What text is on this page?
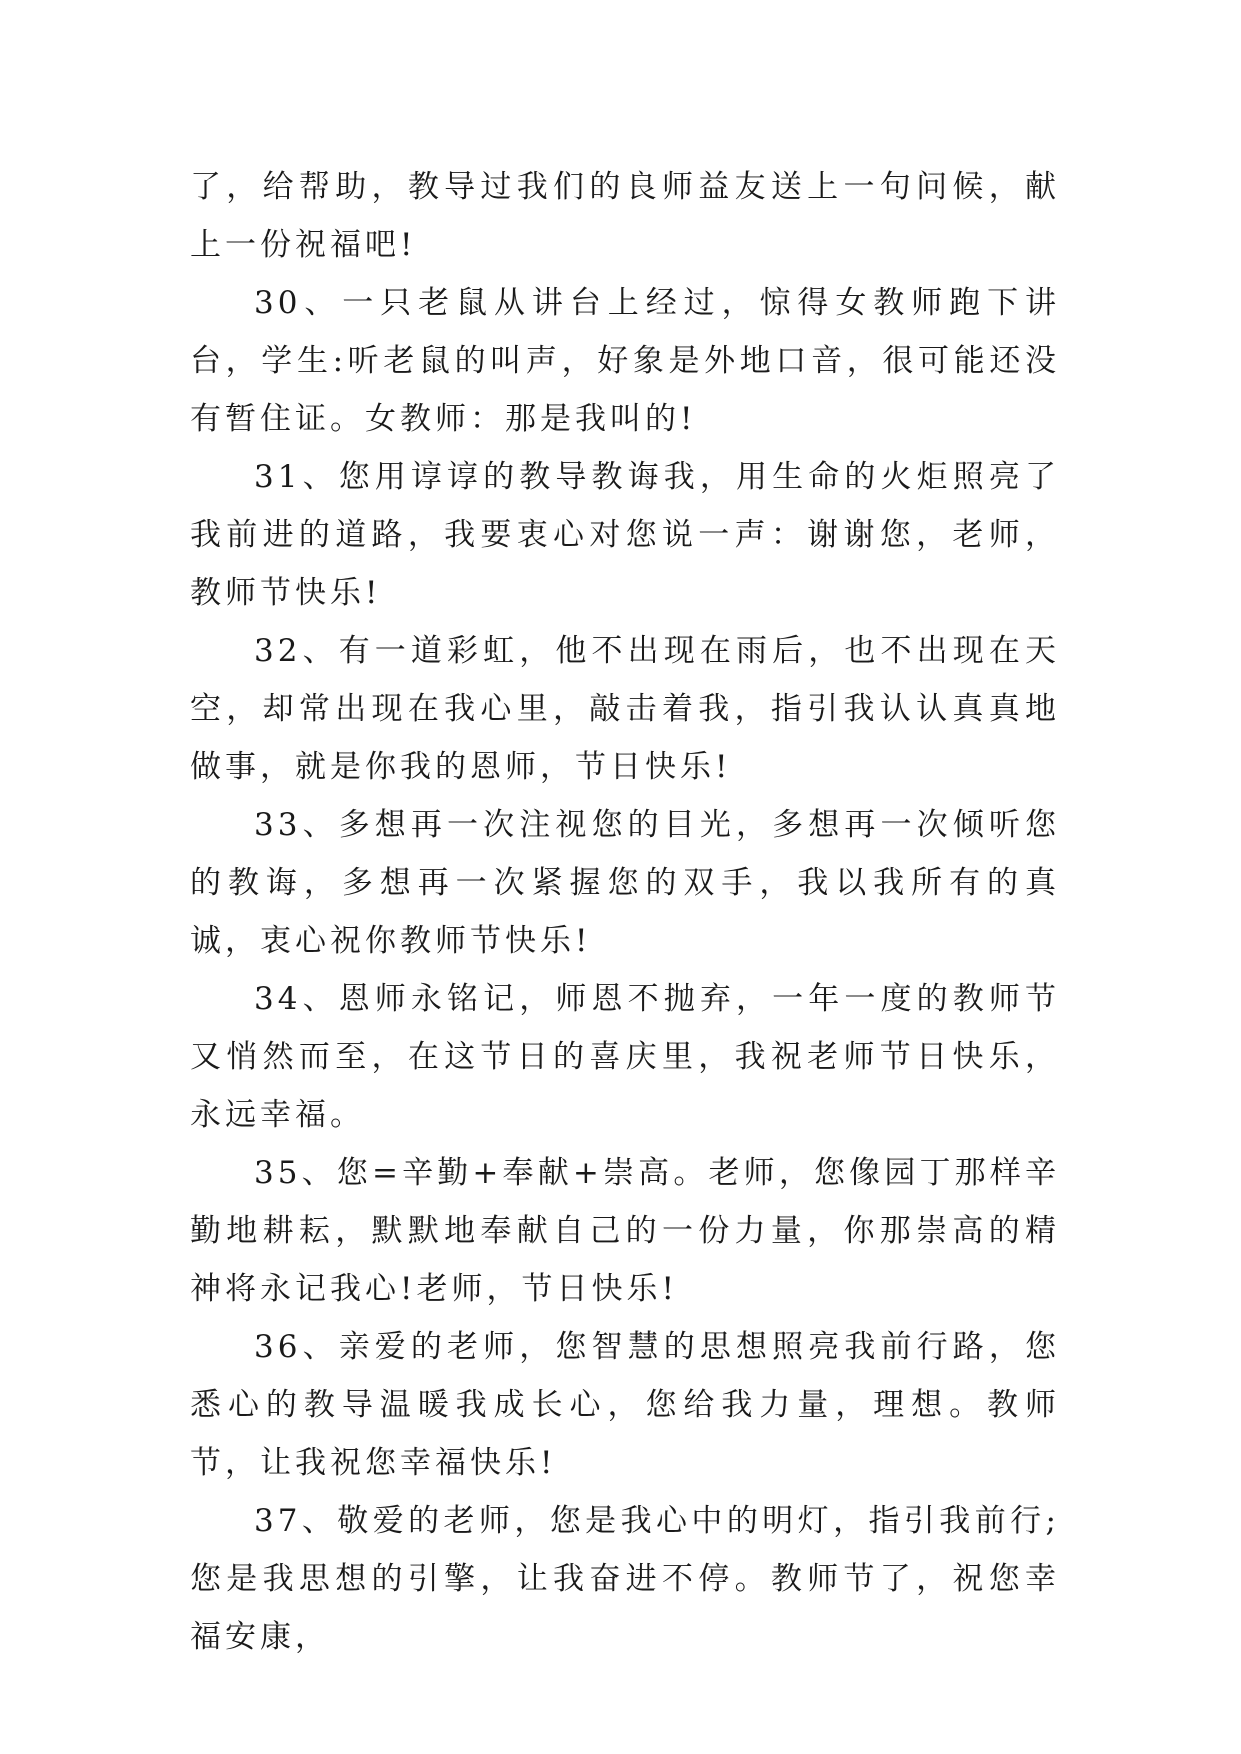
了，给帮助，教导过我们的良师益友送上一句问候，献上一份祝福吧!

30、一只老鼠从讲台上经过，惊得女教师跑下讲台，学生:听老鼠的叫声，好象是外地口音，很可能还没有暂住证。女教师：那是我叫的!

31、您用谆谆的教导教诲我，用生命的火炬照亮了我前进的道路，我要衷心对您说一声：谢谢您，老师，教师节快乐!

32、有一道彩虹，他不出现在雨后，也不出现在天空，却常出现在我心里，敲击着我，指引我认认真真地做事，就是你我的恩师，节日快乐!

33、多想再一次注视您的目光，多想再一次倾听您的教诲，多想再一次紧握您的双手，我以我所有的真诚，衷心祝你教师节快乐!

34、恩师永铭记，师恩不抛弃，一年一度的教师节又悄然而至，在这节日的喜庆里，我祝老师节日快乐，永远幸福。

35、您=辛勤+奉献+崇高。老师，您像园丁那样辛勤地耕耘，默默地奉献自己的一份力量，你那崇高的精神将永记我心!老师，节日快乐!

36、亲爱的老师，您智慧的思想照亮我前行路，您悉心的教导温暖我成长心，您给我力量，理想。教师节，让我祝您幸福快乐!

37、敬爱的老师，您是我心中的明灯，指引我前行;您是我思想的引擎，让我奋进不停。教师节了，祝您幸福安康，
